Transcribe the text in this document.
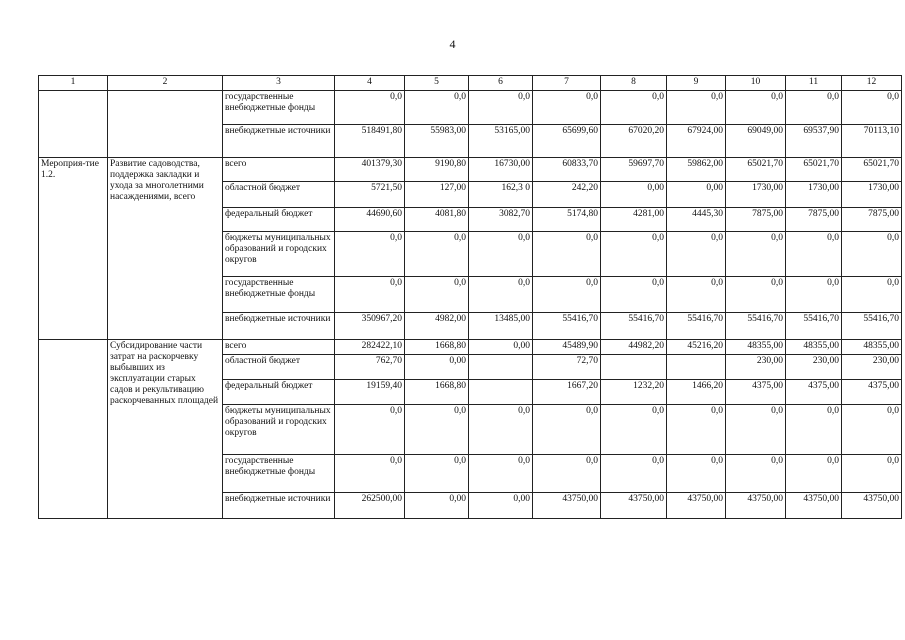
4
1	2	3	4	5	6	7	8	9	10	11	12
		государственные внебюджетные фонды	0,0	0,0	0,0	0,0	0,0	0,0	0,0	0,0	0,0
		внебюджетные источники	518491,80	55983,00	53165,00	65699,60	67020,20	67924,00	69049,00	69537,90	70113,10
Мероприя-тие 1.2.	Развитие садоводства, поддержка закладки и ухода за многолетними насаждениями, всего	всего	401379,30	9190,80	16730,00	60833,70	59697,70	59862,00	65021,70	65021,70	65021,70
		областной бюджет	5721,50	127,00	162,3 0	242,20	0,00	0,00	1730,00	1730,00	1730,00
		федеральный бюджет	44690,60	4081,80	3082,70	5174,80	4281,00	4445,30	7875,00	7875,00	7875,00
		бюджеты муниципальных образований и городских округов	0,0	0,0	0,0	0,0	0,0	0,0	0,0	0,0	0,0
		государственные внебюджетные фонды	0,0	0,0	0,0	0,0	0,0	0,0	0,0	0,0	0,0
		внебюджетные источники	350967,20	4982,00	13485,00	55416,70	55416,70	55416,70	55416,70	55416,70	55416,70
	Субсидирование части затрат на раскорчевку выбывших из эксплуатации старых садов и рекультивацию раскорчеванных площадей	всего	282422,10	1668,80	0,00	45489,90	44982,20	45216,20	48355,00	48355,00	48355,00
		областной бюджет	762,70	0,00		72,70			230,00	230,00	230,00
		федеральный бюджет	19159,40	1668,80		1667,20	1232,20	1466,20	4375,00	4375,00	4375,00
		бюджеты муниципальных образований и городских округов	0,0	0,0	0,0	0,0	0,0	0,0	0,0	0,0	0,0
		государственные внебюджетные фонды	0,0	0,0	0,0	0,0	0,0	0,0	0,0	0,0	0,0
		внебюджетные источники	262500,00	0,00	0,00	43750,00	43750,00	43750,00	43750,00	43750,00	43750,00
